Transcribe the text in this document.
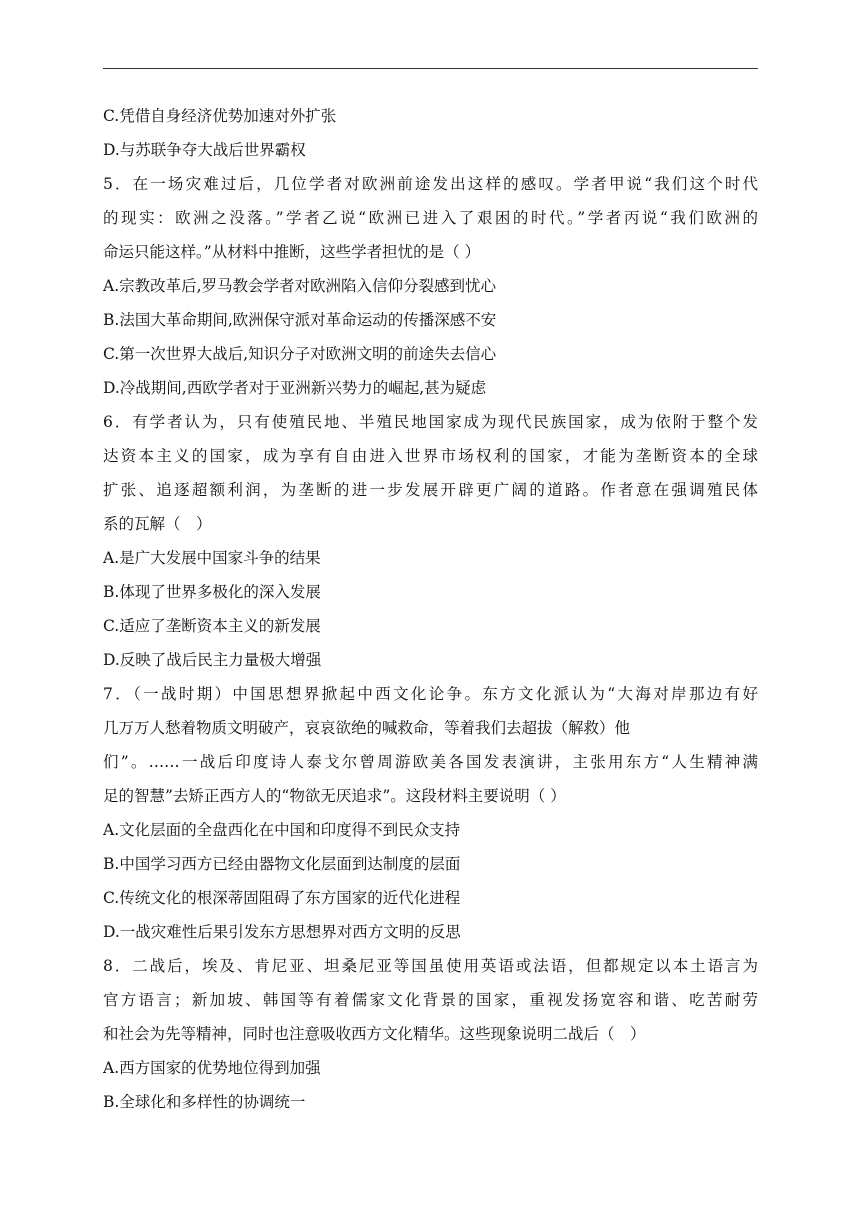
C.凭借自身经济优势加速对外扩张
D.与苏联争夺大战后世界霸权
5．在一场灾难过后，几位学者对欧洲前途发出这样的感叹。学者甲说“我们这个时代
的现实：欧洲之没落。”学者乙说“欧洲已进入了艰困的时代。”学者丙说“我们欧洲的
命运只能这样。”从材料中推断，这些学者担忧的是（ ）
A.宗教改革后,罗马教会学者对欧洲陷入信仰分裂感到忧心
B.法国大革命期间,欧洲保守派对革命运动的传播深感不安
C.第一次世界大战后,知识分子对欧洲文明的前途失去信心
D.冷战期间,西欧学者对于亚洲新兴势力的崛起,甚为疑虑
6．有学者认为，只有使殖民地、半殖民地国家成为现代民族国家，成为依附于整个发
达资本主义的国家，成为享有自由进入世界市场权利的国家，才能为垄断资本的全球
扩张、追逐超额利润，为垄断的进一步发展开辟更广阔的道路。作者意在强调殖民体
系的瓦解（　）
A.是广大发展中国家斗争的结果
B.体现了世界多极化的深入发展
C.适应了垄断资本主义的新发展
D.反映了战后民主力量极大增强
7．（一战时期）中国思想界掀起中西文化论争。东方文化派认为“大海对岸那边有好
几万万人愁着物质文明破产，哀哀欲绝的喊救命，等着我们去超拔（解救）他
们”。……一战后印度诗人泰戈尔曾周游欧美各国发表演讲，主张用东方“人生精神满
足的智慧”去矫正西方人的“物欲无厌追求”。这段材料主要说明（ ）
A.文化层面的全盘西化在中国和印度得不到民众支持
B.中国学习西方已经由器物文化层面到达制度的层面
C.传统文化的根深蒂固阻碍了东方国家的近代化进程
D.一战灾难性后果引发东方思想界对西方文明的反思
8．二战后，埃及、肯尼亚、坦桑尼亚等国虽使用英语或法语，但都规定以本土语言为
官方语言；新加坡、韩国等有着儒家文化背景的国家，重视发扬宽容和谐、吃苦耐劳
和社会为先等精神，同时也注意吸收西方文化精华。这些现象说明二战后（　）
A.西方国家的优势地位得到加强
B.全球化和多样性的协调统一
